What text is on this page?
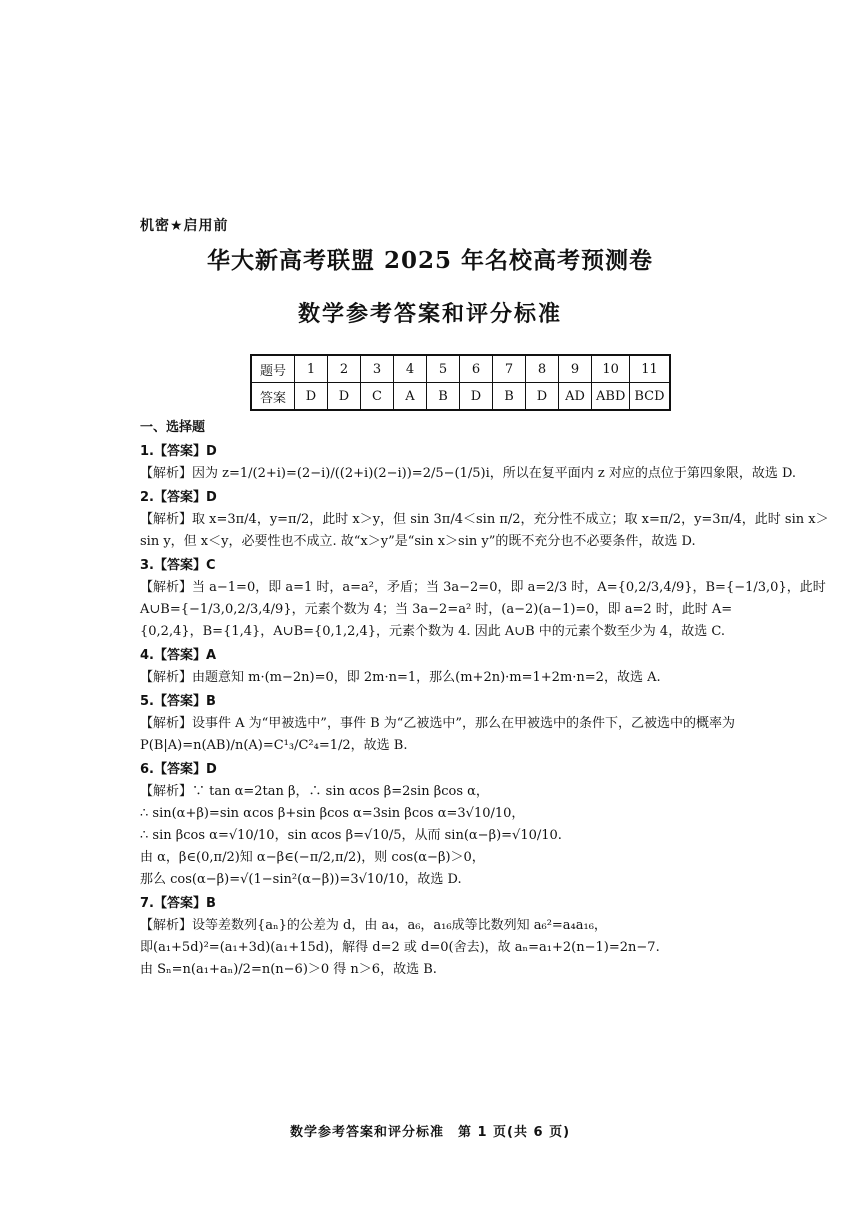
机密★启用前
华大新高考联盟 2025 年名校高考预测卷
数学参考答案和评分标准
题号	1	2	3	4	5	6	7	8	9	10	11
答案	D	D	C	A	B	D	B	D	AD	ABD	BCD
一、选择题
1.【答案】D
【解析】因为 z=1/(2+i)=(2−i)/((2+i)(2−i))=2/5−(1/5)i，所以在复平面内 z 对应的点位于第四象限，故选 D.
2.【答案】D
【解析】取 x=3π/4，y=π/2，此时 x＞y，但 sin 3π/4＜sin π/2，充分性不成立；取 x=π/2，y=3π/4，此时 sin x＞
sin y，但 x＜y，必要性也不成立. 故“x＞y”是“sin x＞sin y”的既不充分也不必要条件，故选 D.
3.【答案】C
【解析】当 a−1=0，即 a=1 时，a=a²，矛盾；当 3a−2=0，即 a=2/3 时，A={0,2/3,4/9}，B={−1/3,0}，此时
A∪B={−1/3,0,2/3,4/9}，元素个数为 4；当 3a−2=a² 时，(a−2)(a−1)=0，即 a=2 时，此时 A=
{0,2,4}，B={1,4}，A∪B={0,1,2,4}，元素个数为 4. 因此 A∪B 中的元素个数至少为 4，故选 C.
4.【答案】A
【解析】由题意知 m·(m−2n)=0，即 2m·n=1，那么(m+2n)·m=1+2m·n=2，故选 A.
5.【答案】B
【解析】设事件 A 为“甲被选中”，事件 B 为“乙被选中”，那么在甲被选中的条件下，乙被选中的概率为
P(B|A)=n(AB)/n(A)=C¹₃/C²₄=1/2，故选 B.
6.【答案】D
【解析】∵ tan α=2tan β，∴ sin αcos β=2sin βcos α，
∴ sin(α+β)=sin αcos β+sin βcos α=3sin βcos α=3√10/10，
∴ sin βcos α=√10/10，sin αcos β=√10/5，从而 sin(α−β)=√10/10.
由 α，β∈(0,π/2)知 α−β∈(−π/2,π/2)，则 cos(α−β)＞0，
那么 cos(α−β)=√(1−sin²(α−β))=3√10/10，故选 D.
7.【答案】B
【解析】设等差数列{aₙ}的公差为 d，由 a₄，a₆，a₁₆成等比数列知 a₆²=a₄a₁₆，
即(a₁+5d)²=(a₁+3d)(a₁+15d)，解得 d=2 或 d=0(舍去)，故 aₙ=a₁+2(n−1)=2n−7.
由 Sₙ=n(a₁+aₙ)/2=n(n−6)＞0 得 n＞6，故选 B.
数学参考答案和评分标准　第 1 页(共 6 页)
